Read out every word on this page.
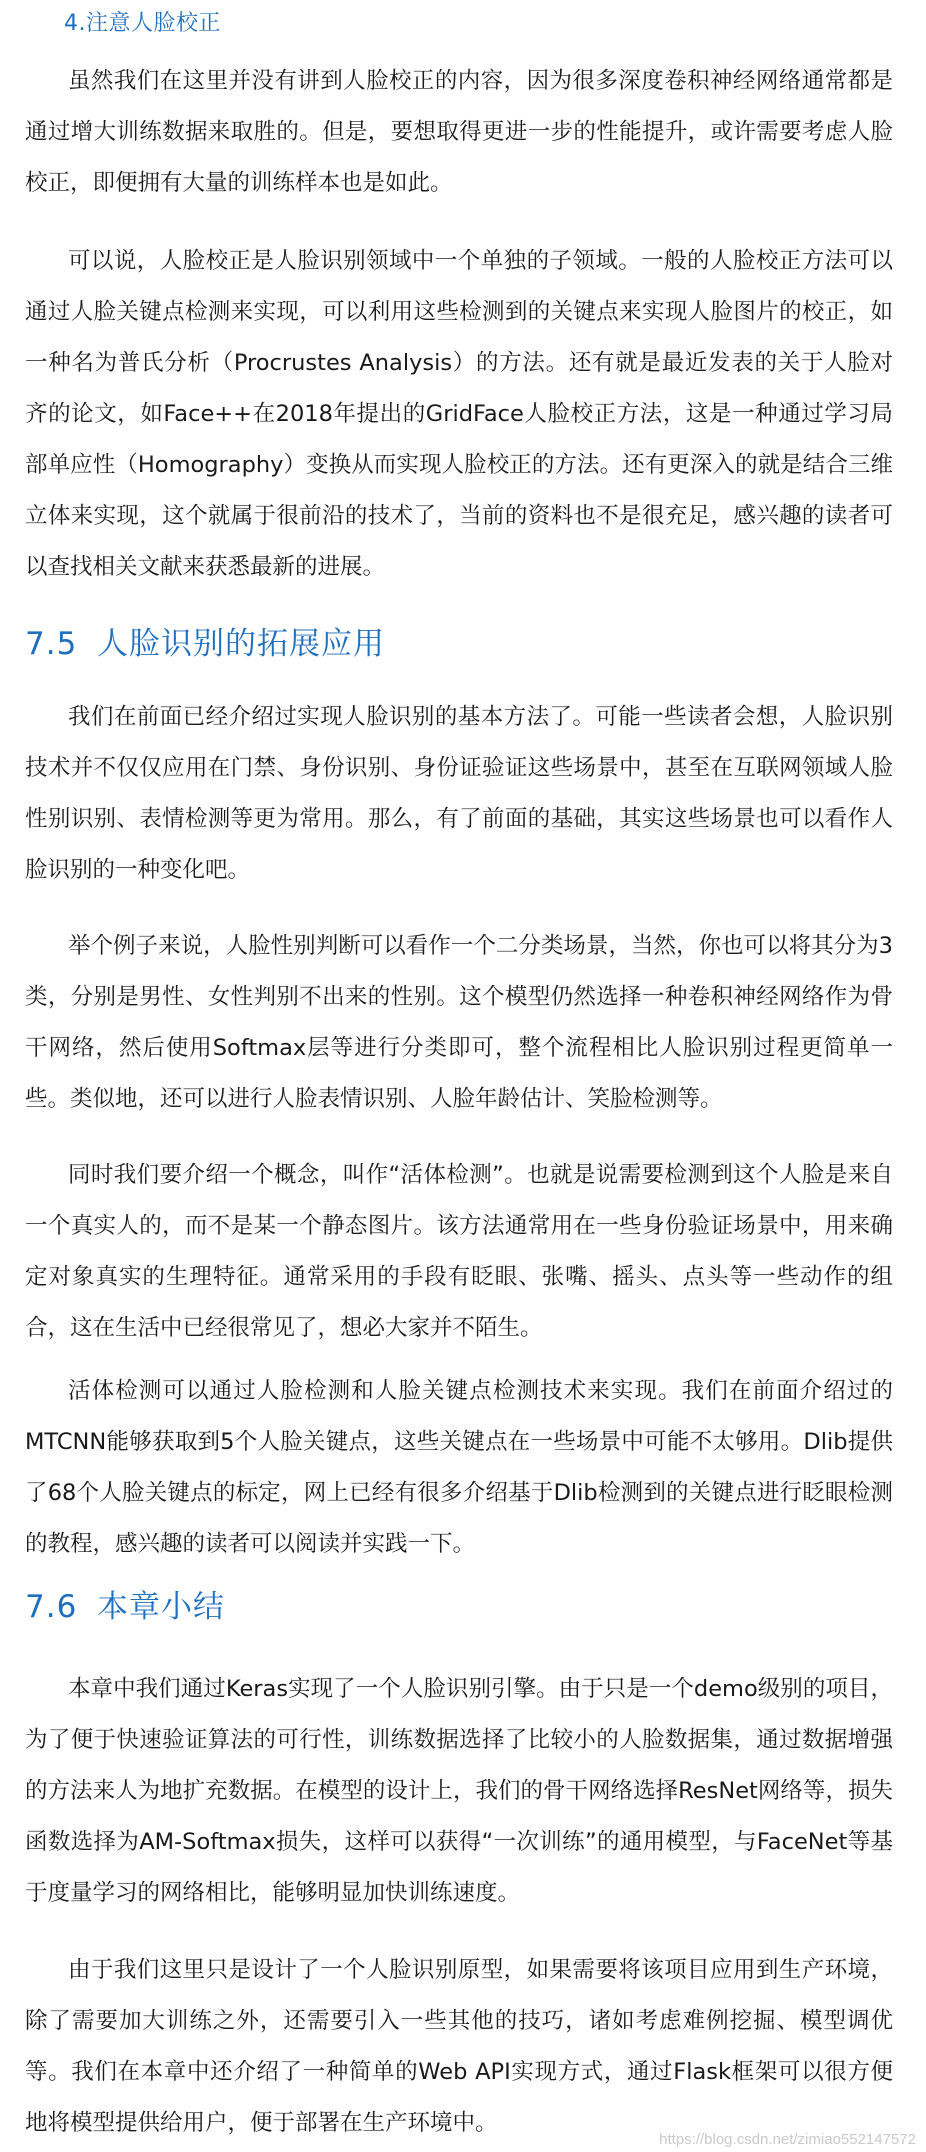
4.注意人脸校正

虽然我们在这里并没有讲到人脸校正的内容，因为很多深度卷积神经网络通常都是通过增大训练数据来取胜的。但是，要想取得更进一步的性能提升，或许需要考虑人脸校正，即便拥有大量的训练样本也是如此。

可以说，人脸校正是人脸识别领域中一个单独的子领域。一般的人脸校正方法可以通过人脸关键点检测来实现，可以利用这些检测到的关键点来实现人脸图片的校正，如一种名为普氏分析（Procrustes Analysis）的方法。还有就是最近发表的关于人脸对齐的论文，如Face++在2018年提出的GridFace人脸校正方法，这是一种通过学习局部单应性（Homography）变换从而实现人脸校正的方法。还有更深入的就是结合三维立体来实现，这个就属于很前沿的技术了，当前的资料也不是很充足，感兴趣的读者可以查找相关文献来获悉最新的进展。

7.5 人脸识别的拓展应用

我们在前面已经介绍过实现人脸识别的基本方法了。可能一些读者会想，人脸识别技术并不仅仅应用在门禁、身份识别、身份证验证这些场景中，甚至在互联网领域人脸性别识别、表情检测等更为常用。那么，有了前面的基础，其实这些场景也可以看作人脸识别的一种变化吧。

举个例子来说，人脸性别判断可以看作一个二分类场景，当然，你也可以将其分为3类，分别是男性、女性判别不出来的性别。这个模型仍然选择一种卷积神经网络作为骨干网络，然后使用Softmax层等进行分类即可，整个流程相比人脸识别过程更简单一些。类似地，还可以进行人脸表情识别、人脸年龄估计、笑脸检测等。

同时我们要介绍一个概念，叫作“活体检测”。也就是说需要检测到这个人脸是来自一个真实人的，而不是某一个静态图片。该方法通常用在一些身份验证场景中，用来确定对象真实的生理特征。通常采用的手段有眨眼、张嘴、摇头、点头等一些动作的组合，这在生活中已经很常见了，想必大家并不陌生。

活体检测可以通过人脸检测和人脸关键点检测技术来实现。我们在前面介绍过的MTCNN能够获取到5个人脸关键点，这些关键点在一些场景中可能不太够用。Dlib提供了68个人脸关键点的标定，网上已经有很多介绍基于Dlib检测到的关键点进行眨眼检测的教程，感兴趣的读者可以阅读并实践一下。

7.6 本章小结

本章中我们通过Keras实现了一个人脸识别引擎。由于只是一个demo级别的项目，为了便于快速验证算法的可行性，训练数据选择了比较小的人脸数据集，通过数据增强的方法来人为地扩充数据。在模型的设计上，我们的骨干网络选择ResNet网络等，损失函数选择为AM-Softmax损失，这样可以获得“一次训练”的通用模型，与FaceNet等基于度量学习的网络相比，能够明显加快训练速度。

由于我们这里只是设计了一个人脸识别原型，如果需要将该项目应用到生产环境，除了需要加大训练之外，还需要引入一些其他的技巧，诸如考虑难例挖掘、模型调优等。我们在本章中还介绍了一种简单的Web API实现方式，通过Flask框架可以很方便地将模型提供给用户，便于部署在生产环境中。

https://blog.csdn.net/zimiao552147572
